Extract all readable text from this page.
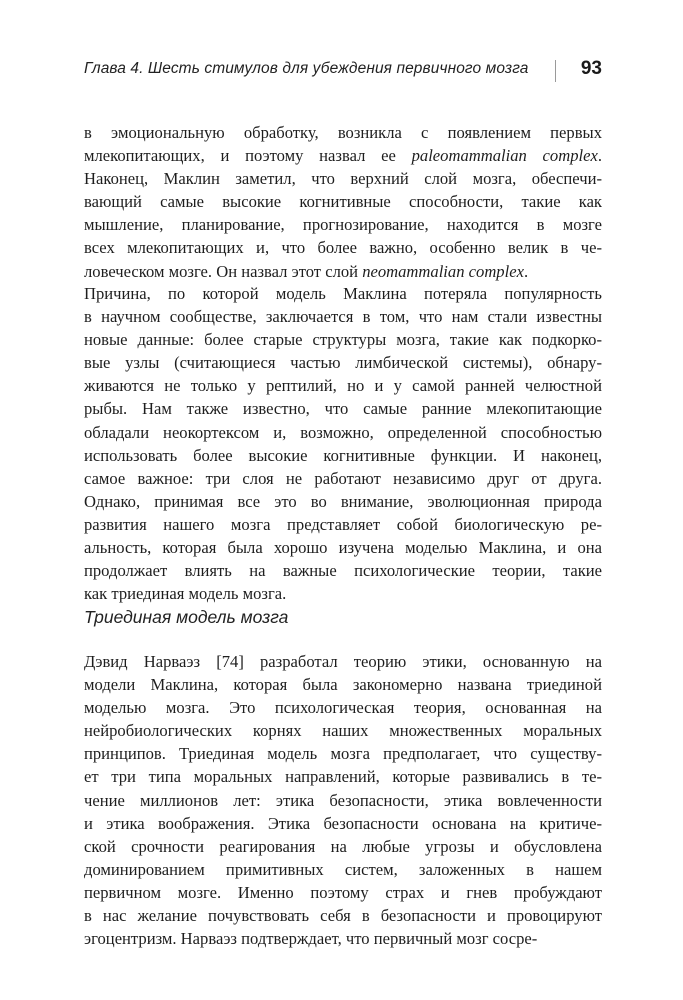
Глава 4. Шесть стимулов для убеждения первичного мозга	93
в эмоциональную обработку, возникла с появлением первых
млекопитающих, и поэтому назвал ее paleomammalian complex.
Наконец, Маклин заметил, что верхний слой мозга, обеспечи-
вающий самые высокие когнитивные способности, такие как
мышление, планирование, прогнозирование, находится в мозге
всех млекопитающих и, что более важно, особенно велик в че-
ловеческом мозге. Он назвал этот слой neomammalian complex.
Причина, по которой модель Маклина потеряла популярность
в научном сообществе, заключается в том, что нам стали известны
новые данные: более старые структуры мозга, такие как подкорко-
вые узлы (считающиеся частью лимбической системы), обнару-
живаются не только у рептилий, но и у самой ранней челюстной
рыбы. Нам также известно, что самые ранние млекопитающие
обладали неокортексом и, возможно, определенной способностью
использовать более высокие когнитивные функции. И наконец,
самое важное: три слоя не работают независимо друг от друга.
Однако, принимая все это во внимание, эволюционная природа
развития нашего мозга представляет собой биологическую ре-
альность, которая была хорошо изучена моделью Маклина, и она
продолжает влиять на важные психологические теории, такие
как триединая модель мозга.
Триединая модель мозга
Дэвид Нарваэз [74] разработал теорию этики, основанную на
модели Маклина, которая была закономерно названа триединой
моделью мозга. Это психологическая теория, основанная на
нейробиологических корнях наших множественных моральных
принципов. Триединая модель мозга предполагает, что существу-
ет три типа моральных направлений, которые развивались в те-
чение миллионов лет: этика безопасности, этика вовлеченности
и этика воображения. Этика безопасности основана на критиче-
ской срочности реагирования на любые угрозы и обусловлена
доминированием примитивных систем, заложенных в нашем
первичном мозге. Именно поэтому страх и гнев пробуждают
в нас желание почувствовать себя в безопасности и провоцируют
эгоцентризм. Нарваэз подтверждает, что первичный мозг сосре-
